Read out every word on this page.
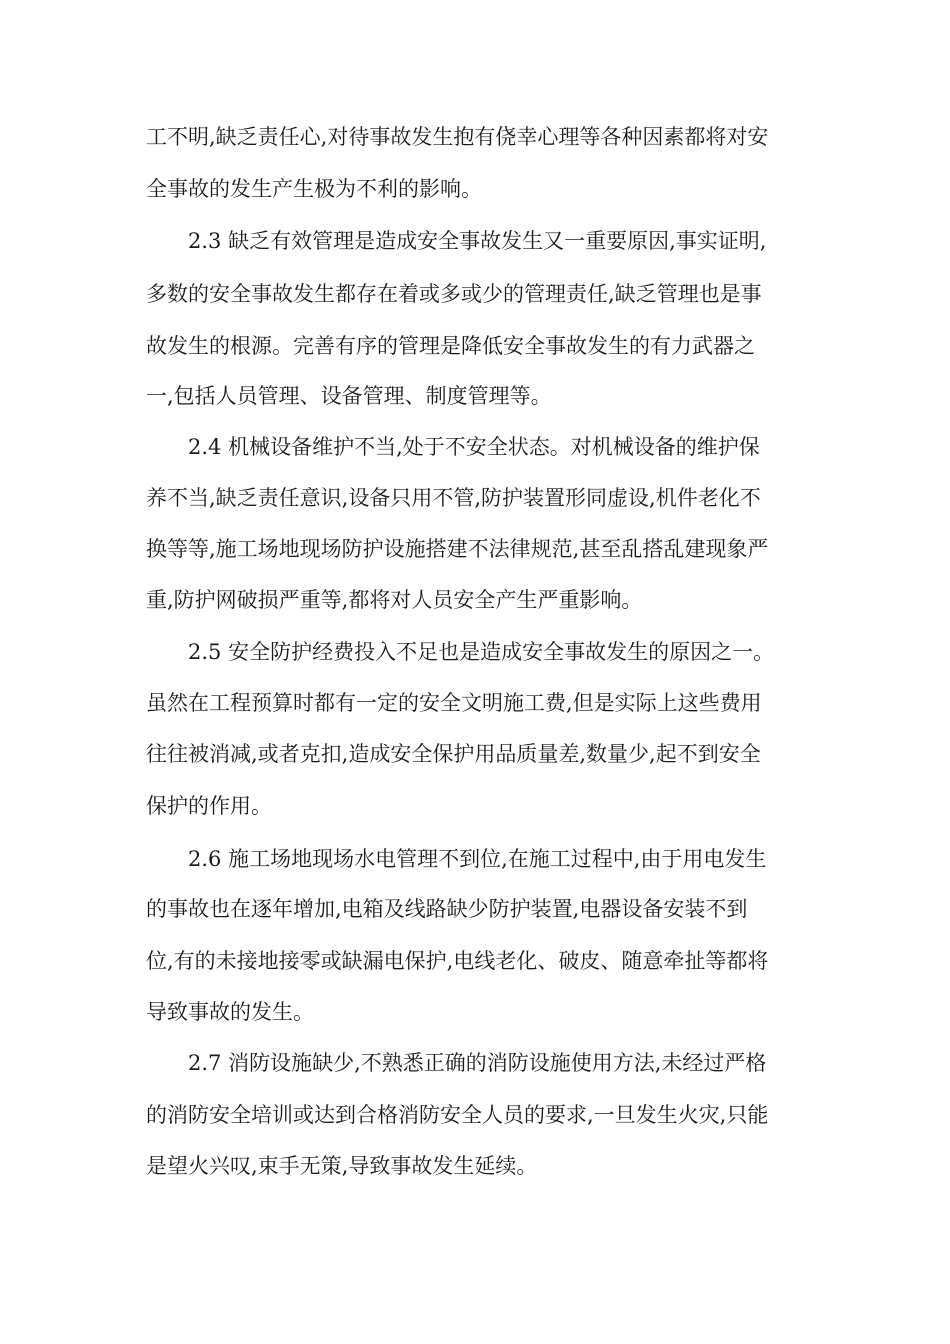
工不明,缺乏责任心,对待事故发生抱有侥幸心理等各种因素都将对安
全事故的发生产生极为不利的影响。
2.3 缺乏有效管理是造成安全事故发生又一重要原因,事实证明,
多数的安全事故发生都存在着或多或少的管理责任,缺乏管理也是事
故发生的根源。完善有序的管理是降低安全事故发生的有力武器之
一,包括人员管理、设备管理、制度管理等。
2.4 机械设备维护不当,处于不安全状态。对机械设备的维护保
养不当,缺乏责任意识,设备只用不管,防护装置形同虚设,机件老化不
换等等,施工场地现场防护设施搭建不法律规范,甚至乱搭乱建现象严
重,防护网破损严重等,都将对人员安全产生严重影响。
2.5 安全防护经费投入不足也是造成安全事故发生的原因之一。
虽然在工程预算时都有一定的安全文明施工费,但是实际上这些费用
往往被消减,或者克扣,造成安全保护用品质量差,数量少,起不到安全
保护的作用。
2.6 施工场地现场水电管理不到位,在施工过程中,由于用电发生
的事故也在逐年增加,电箱及线路缺少防护装置,电器设备安装不到
位,有的未接地接零或缺漏电保护,电线老化、破皮、随意牵扯等都将
导致事故的发生。
2.7 消防设施缺少,不熟悉正确的消防设施使用方法,未经过严格
的消防安全培训或达到合格消防安全人员的要求,一旦发生火灾,只能
是望火兴叹,束手无策,导致事故发生延续。
